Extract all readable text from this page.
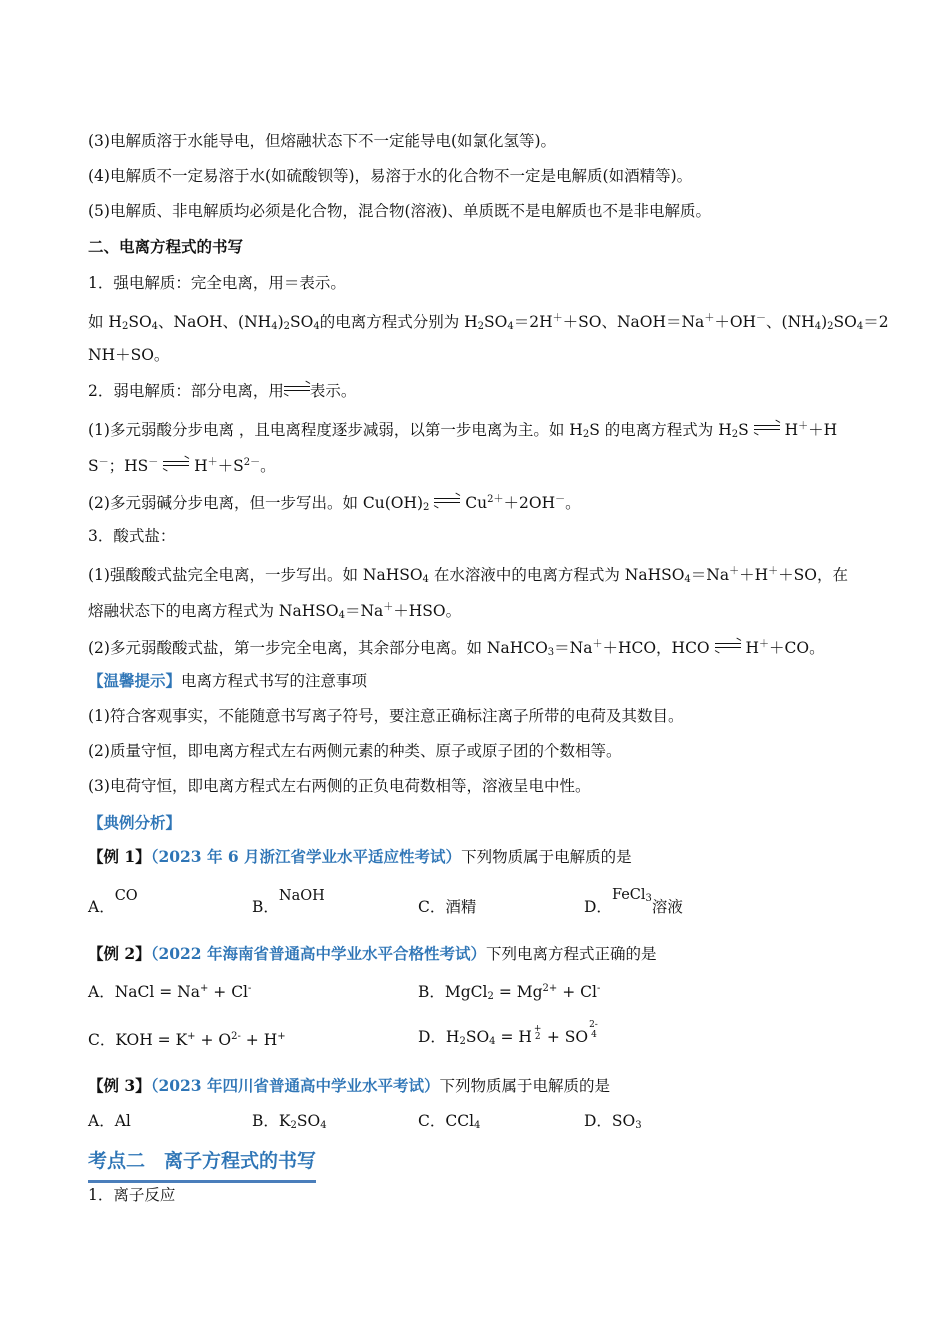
(3)电解质溶于水能导电，但熔融状态下不一定能导电(如氯化氢等)。
(4)电解质不一定易溶于水(如硫酸钡等)，易溶于水的化合物不一定是电解质(如酒精等)。
(5)电解质、非电解质均必须是化合物，混合物(溶液)、单质既不是电解质也不是非电解质。
二、电离方程式的书写
1．强电解质：完全电离，用＝表示。
如 $H_2SO_4$、NaOH、$(NH_4)_2SO_4$的电离方程式分别为 $H_2SO_4=2H^++SO$、NaOH＝Na＋＋OH－、$(NH_4)_2SO_4=2$
NH＋SO。
2．弱电解质：部分电离，用 表示。
(1)多元弱酸分步电离 ，且电离程度逐步减弱，以第一步电离为主。如 $H_2S$ 的电离方程式为 $H_2S$
H＋＋H
S－；HS－
$H^++S^{2-}$。
(2)多元弱碱分步电离，但一步写出。如 $Cu(OH)_2$
$Cu^{2+}+2OH^-$。
3．酸式盐：
(1)强酸酸式盐完全电离，一步写出。如 NaHSO$_4$ 在水溶液中的电离方程式为 NaHSO$_4$＝Na＋＋H＋＋SO，在
熔融状态下的电离方程式为 NaHSO$_4$＝Na＋＋HSO。
(2)多元弱酸酸式盐，第一步完全电离，其余部分电离。如 NaHCO$_3$＝Na＋＋HCO，HCO
H＋＋CO。
【温馨提示】电离方程式书写的注意事项
(1)符合客观事实，不能随意书写离子符号，要注意正确标注离子所带的电荷及其数目。
(2)质量守恒，即电离方程式左右两侧元素的种类、原子或原子团的个数相等。
(3)电荷守恒，即电离方程式左右两侧的正负电荷数相等，溶液呈电中性。
【典例分析】
【例 1】（2023 年 6 月浙江省学业水平适应性考试）下列物质属于电解质的是
A．CO
B．NaOH
C．酒精	D．FeCl$_3$溶液
【例 2】（2022 年海南省普通高中学业水平合格性考试）下列电离方程式正确的是
A．NaCl = Na+ + Cl-	B．MgCl$_2$ = $Mg^{2+} + Cl^-$
C．KOH = $K^+ + O^{2-} + H^+$	D．$H_2SO_4 = H$ +
2 + SO
2-
4
【例 3】（2023 年四川省普通高中学业水平考试）下列物质属于电解质的是
A．Al	B．$K_2SO_4$	C．CCl$_4$	D．$SO_3$
考点二　离子方程式的书写
1．离子反应
